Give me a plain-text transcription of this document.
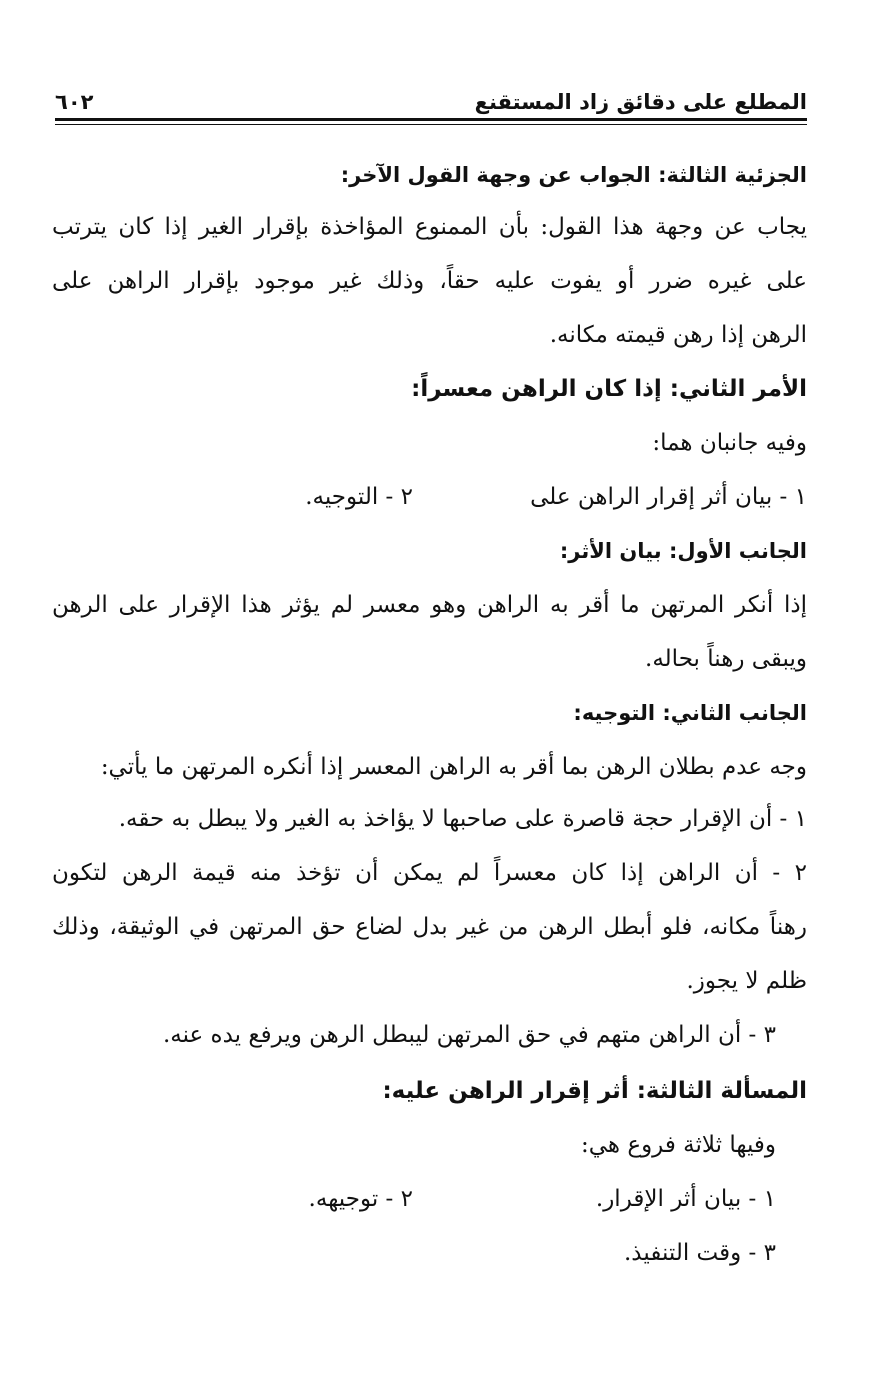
المطلع على دقائق زاد المستقنع
٦٠٢
الجزئية الثالثة: الجواب عن وجهة القول الآخر:
يجاب عن وجهة هذا القول: بأن الممنوع المؤاخذة بإقرار الغير إذا كان يترتب
على غيره ضرر أو يفوت عليه حقاً، وذلك غير موجود بإقرار الراهن على
الرهن إذا رهن قيمته مكانه.
الأمر الثاني: إذا كان الراهن معسراً:
وفيه جانبان هما:
١ - بيان أثر إقرار الراهن على
٢ - التوجيه.
الجانب الأول: بيان الأثر:
إذا أنكر المرتهن ما أقر به الراهن وهو معسر لم يؤثر هذا الإقرار على الرهن
ويبقى رهناً بحاله.
الجانب الثاني: التوجيه:
وجه عدم بطلان الرهن بما أقر به الراهن المعسر إذا أنكره المرتهن ما يأتي:
١ - أن الإقرار حجة قاصرة على صاحبها لا يؤاخذ به الغير ولا يبطل به حقه.
٢ - أن الراهن إذا كان معسراً لم يمكن أن تؤخذ منه قيمة الرهن لتكون
رهناً مكانه، فلو أبطل الرهن من غير بدل لضاع حق المرتهن في الوثيقة، وذلك
ظلم لا يجوز.
٣ - أن الراهن متهم في حق المرتهن ليبطل الرهن ويرفع يده عنه.
المسألة الثالثة: أثر إقرار الراهن عليه:
وفيها ثلاثة فروع هي:
١ - بيان أثر الإقرار.
٢ - توجيهه.
٣ - وقت التنفيذ.
